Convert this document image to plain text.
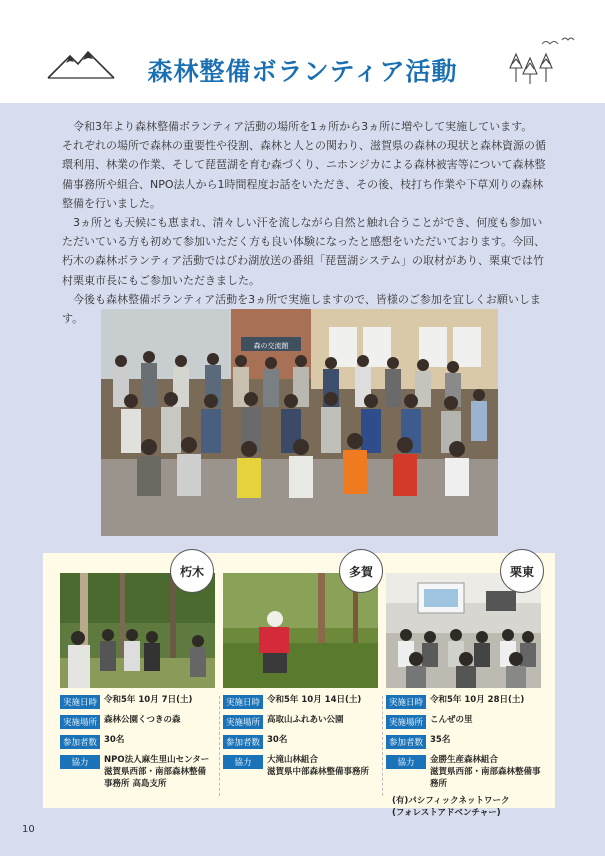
森林整備ボランティア活動

令和3年より森林整備ボランティア活動の場所を1ヵ所から3ヵ所に増やして実施しています。

それぞれの場所で森林の重要性や役割、森林と人との関わり、滋賀県の森林の現状と森林資源の循環利用、林業の作業、そして琵琶湖を育む森づくり、ニホンジカによる森林被害等について森林整備事務所や組合、NPO法人から1時間程度お話をいただき、その後、枝打ち作業や下草刈りの森林整備を行いました。

3ヵ所とも天候にも恵まれ、清々しい汗を流しながら自然と触れ合うことができ、何度も参加いただいている方も初めて参加いただく方も良い体験になったと感想をいただいております。今回、朽木の森林ボランティア活動ではびわ湖放送の番組「琵琶湖システム」の取材があり、栗東では竹村栗東市長にもご参加いただきました。

今後も森林整備ボランティア活動を3ヵ所で実施しますので、皆様のご参加を宜しくお願いします。

森の交流館
朽木
実施日時 令和5年 10月 7日(土)
実施場所 森林公園くつきの森
参加者数 30名
協力	NPO法人麻生里山センター
滋賀県西部・南部森林整備
事務所 高島支所
多賀
実施日時 令和5年 10月 14日(土)
実施場所 高取山ふれあい公園
参加者数 30名
協力	大滝山林組合
滋賀県中部森林整備事務所
栗東
実施日時 令和5年 10月 28日(土)
実施場所 こんぜの里
参加者数 35名
協力	金勝生産森林組合
滋賀県西部・南部森林整備事務所
(有)パシフィックネットワーク
(フォレストアドベンチャー)
10
